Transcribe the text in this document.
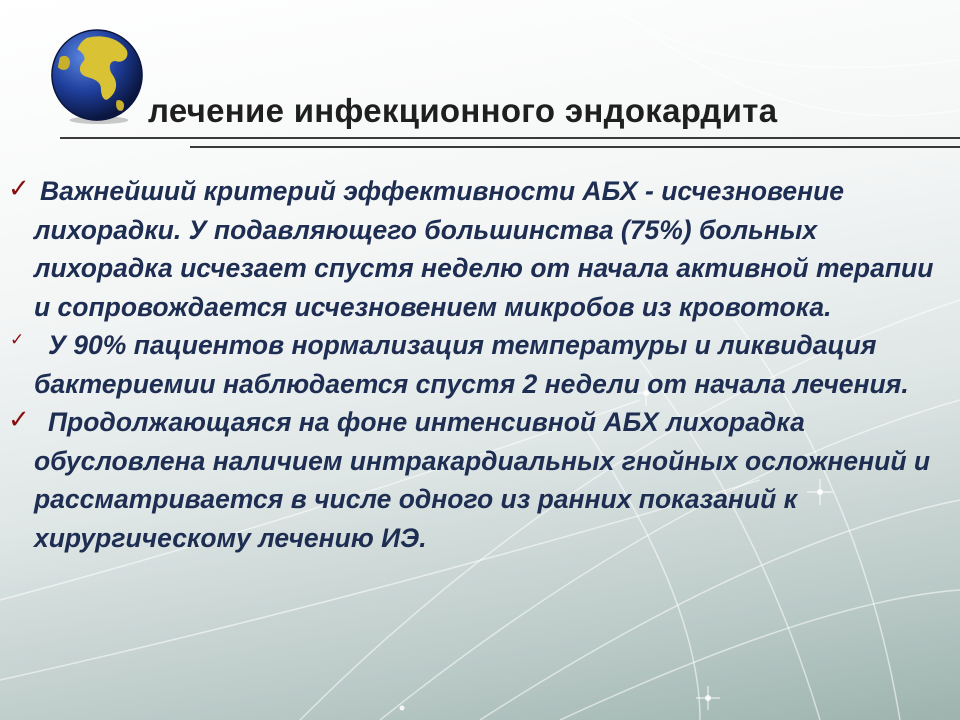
лечение инфекционного эндокардита
✓ Важнейший критерий эффективности АБХ - исчезновение лихорадки. У подавляющего большинства (75%) больных лихорадка исчезает спустя неделю от начала активной терапии и сопровождается исчезновением микробов из кровотока.
✓ У 90% пациентов нормализация температуры и ликвидация бактериемии наблюдается спустя 2 недели от начала лечения.
✓ Продолжающаяся на фоне интенсивной АБХ лихорадка обусловлена наличием интракардиальных гнойных осложнений и рассматривается в числе одного из ранних показаний к хирургическому лечению ИЭ.
